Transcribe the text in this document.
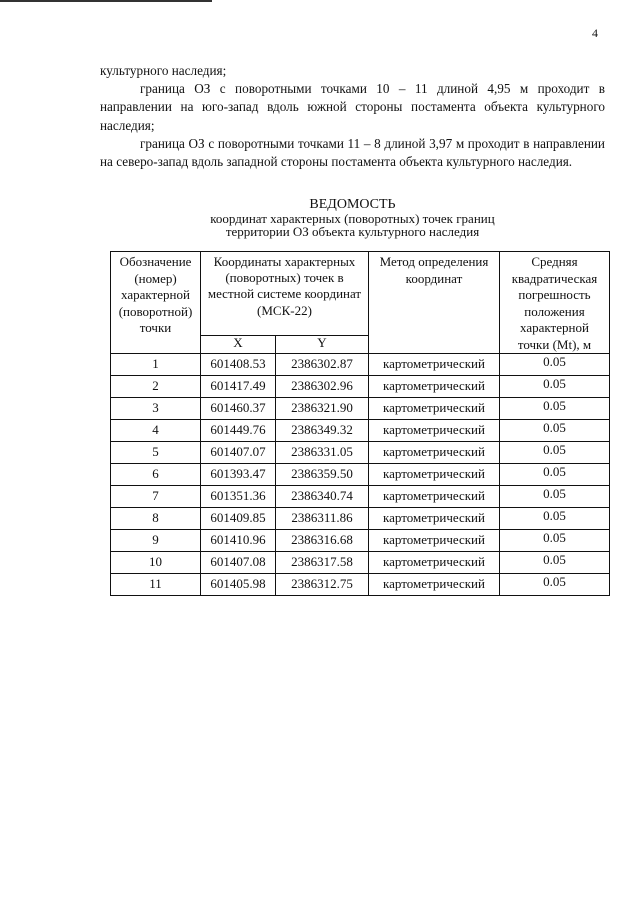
4

культурного наследия;

граница ОЗ с поворотными точками 10 – 11 длиной 4,95 м проходит в направлении на юго-запад вдоль южной стороны постамента объекта культурного наследия;

граница ОЗ с поворотными точками 11 – 8 длиной 3,97 м проходит в направлении на северо-запад вдоль западной стороны постамента объекта культурного наследия.

ВЕДОМОСТЬ
координат характерных (поворотных) точек границ
территории ОЗ объекта культурного наследия
Обозначение (номер) характерной (поворотной) точки	Координаты характерных (поворотных) точек в местной системе координат (МСК-22)		Метод определения координат	Средняя квадратическая погрешность положения характерной точки (Mt), м
	X	Y		
1	601408.53	2386302.87	картометрический	0.05
2	601417.49	2386302.96	картометрический	0.05
3	601460.37	2386321.90	картометрический	0.05
4	601449.76	2386349.32	картометрический	0.05
5	601407.07	2386331.05	картометрический	0.05
6	601393.47	2386359.50	картометрический	0.05
7	601351.36	2386340.74	картометрический	0.05
8	601409.85	2386311.86	картометрический	0.05
9	601410.96	2386316.68	картометрический	0.05
10	601407.08	2386317.58	картометрический	0.05
11	601405.98	2386312.75	картометрический	0.05
